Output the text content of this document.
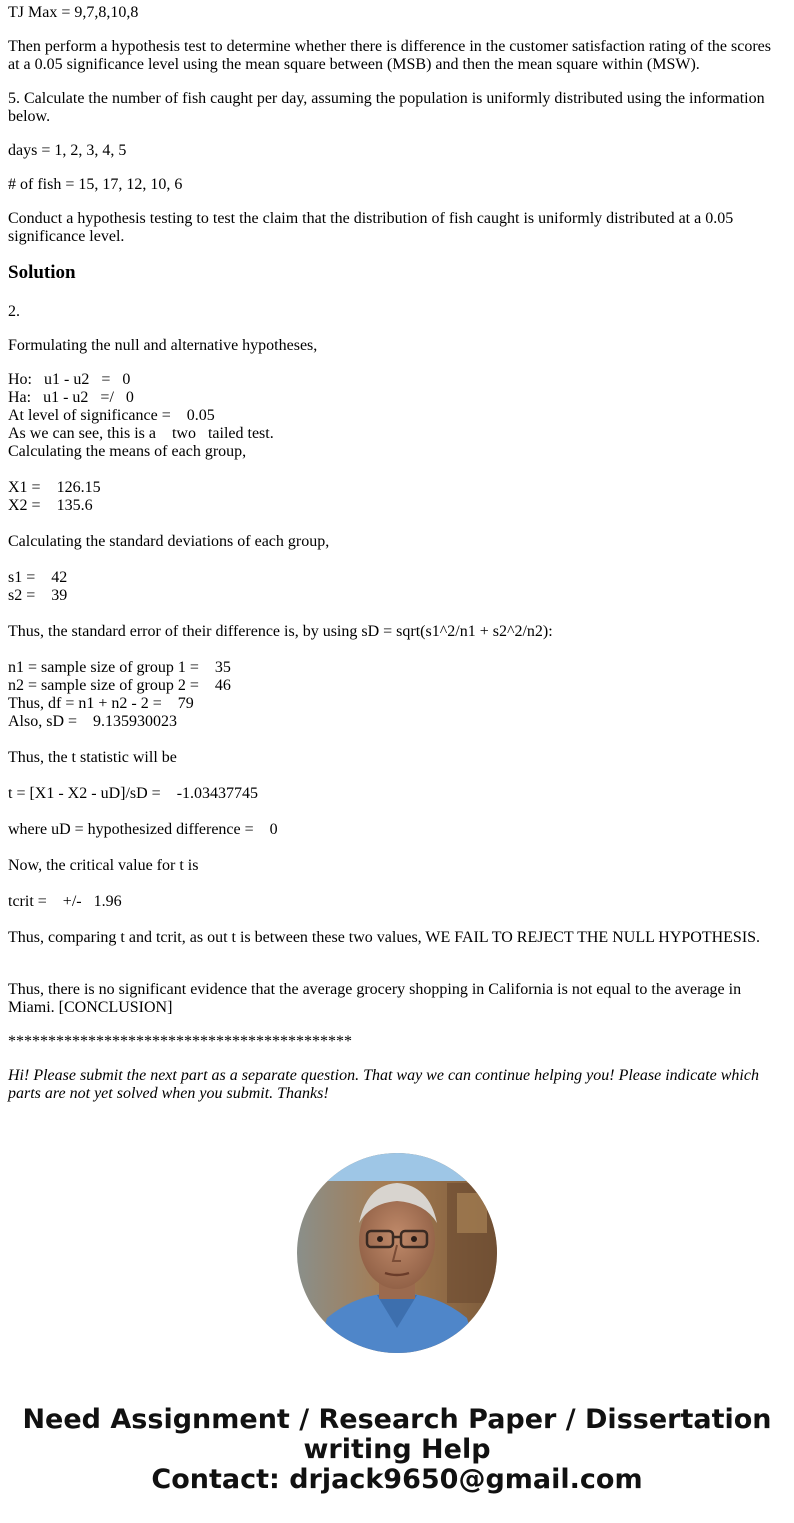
TJ Max = 9,7,8,10,8

Then perform a hypothesis test to determine whether there is difference in the customer satisfaction rating of the scores at a 0.05 significance level using the mean square between (MSB) and then the mean square within (MSW).

5. Calculate the number of fish caught per day, assuming the population is uniformly distributed using the information below.

days = 1, 2, 3, 4, 5

# of fish = 15, 17, 12, 10, 6

Conduct a hypothesis testing to test the claim that the distribution of fish caught is uniformly distributed at a 0.05 significance level.

Solution

2.

Formulating the null and alternative hypotheses,

Ho:   u1 - u2   =   0
Ha:   u1 - u2   =/   0
At level of significance =    0.05
As we can see, this is a    two   tailed test.
Calculating the means of each group,
X1 =    126.15
X2 =    135.6
Calculating the standard deviations of each group,
s1 =    42
s2 =    39
Thus, the standard error of their difference is, by using sD = sqrt(s1^2/n1 + s2^2/n2):
n1 = sample size of group 1 =    35
n2 = sample size of group 2 =    46
Thus, df = n1 + n2 - 2 =    79
Also, sD =    9.135930023
Thus, the t statistic will be
t = [X1 - X2 - uD]/sD =    -1.03437745
where uD = hypothesized difference =    0
Now, the critical value for t is
tcrit =    +/-   1.96
Thus, comparing t and tcrit, as out t is between these two values, WE FAIL TO REJECT THE NULL HYPOTHESIS.

Thus, there is no significant evidence that the average grocery shopping in California is not equal to the average in Miami. [CONCLUSION]

*******************************************

Hi! Please submit the next part as a separate question. That way we can continue helping you! Please indicate which parts are not yet solved when you submit. Thanks!

Need Assignment / Research Paper / Dissertation
writing Help
Contact: drjack9650@gmail.com
